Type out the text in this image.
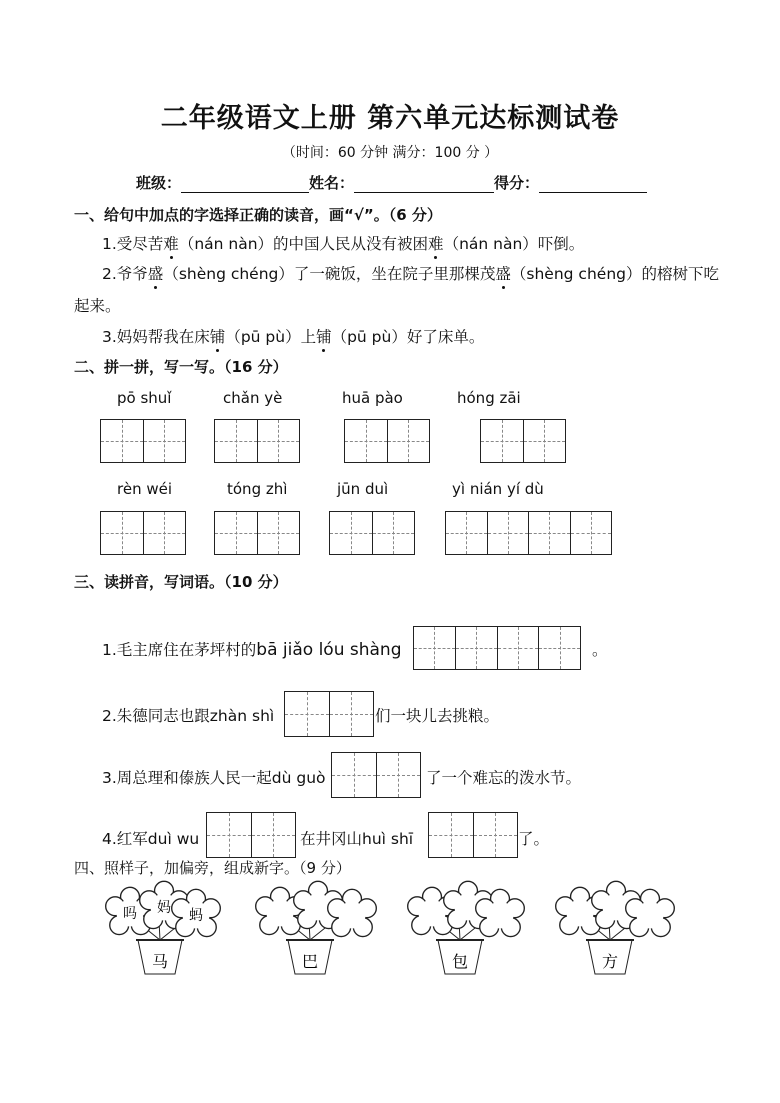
二年级语文上册 第六单元达标测试卷
（时间：60 分钟 满分：100 分 ）
班级：	姓名：	得分：
一、给句中加点的字选择正确的读音，画“√”。（6 分）
1.受尽苦难（nán nàn）的中国人民从没有被困难（nán nàn）吓倒。
2.爷爷盛（shèng chéng）了一碗饭，坐在院子里那棵茂盛（shèng chéng）的榕树下吃
起来。
3.妈妈帮我在床铺（pū pù）上铺（pū pù）好了床单。
二、拼一拼，写一写。（16 分）
pō shuǐ	chǎn yè	huā pào	hóng zāi
rèn wéi	tóng zhì	jūn duì	yì nián yí dù
三、读拼音，写词语。（10 分）
1.毛主席住在茅坪村的bā jiǎo lóu shàng	。
2.朱德同志也跟zhàn shì	们一块儿去挑粮。
3.周总理和傣族人民一起dù guò	了一个难忘的泼水节。
4.红军duì wu	在井冈山huì shī	了。
四、照样子，加偏旁，组成新字。（9 分）
吗 妈 蚂
马	巴	包	方
